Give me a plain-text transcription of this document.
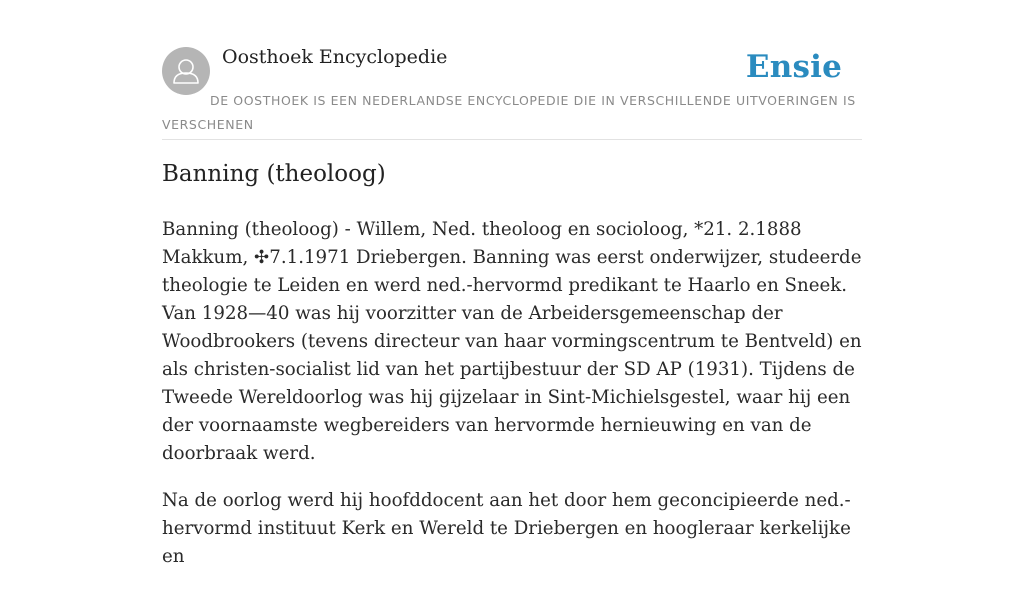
Oosthoek Encyclopedie	Ensie
DE OOSTHOEK IS EEN NEDERLANDSE ENCYCLOPEDIE DIE IN VERSCHILLENDE UITVOERINGEN IS VERSCHENEN
Banning (theoloog)

Banning (theoloog) - Willem, Ned. theoloog en socioloog, *21. 2.1888 Makkum, ✣7.1.1971 Driebergen. Banning was eerst onderwijzer, studeerde theologie te Leiden en werd ned.-hervormd predikant te Haarlo en Sneek. Van 1928—40 was hij voorzitter van de Arbeidersgemeenschap der Woodbrookers (tevens directeur van haar vormingscentrum te Bentveld) en als christen-socialist lid van het partijbestuur der SD AP (1931). Tijdens de Tweede Wereldoorlog was hij gijzelaar in Sint-Michielsgestel, waar hij een der voornaamste wegbereiders van hervormde hernieuwing en van de doorbraak werd.

Na de oorlog werd hij hoofddocent aan het door hem geconcipieerde ned.-hervormd instituut Kerk en Wereld te Driebergen en hoogleraar kerkelijke en
